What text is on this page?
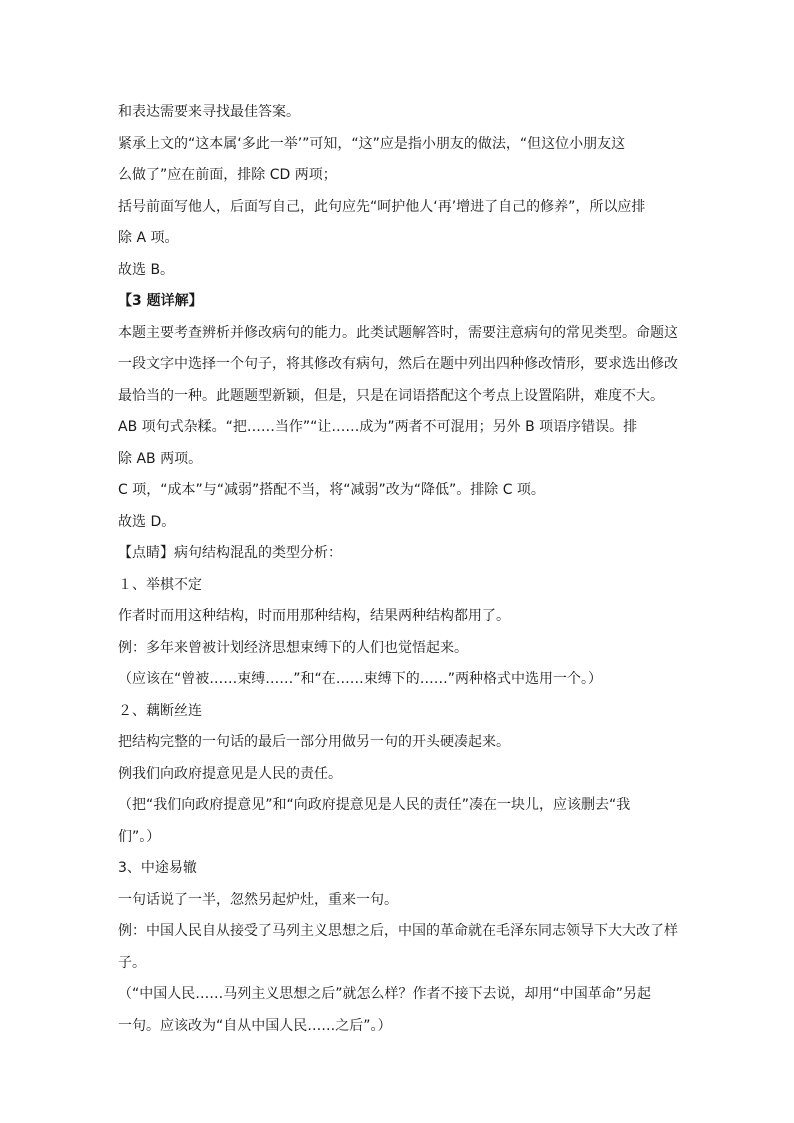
和表达需要来寻找最佳答案。
紧承上文的“这本属‘多此一举’”可知，“这”应是指小朋友的做法，“但这位小朋友这
么做了”应在前面，排除 CD 两项；
括号前面写他人，后面写自己，此句应先“呵护他人‘再’增进了自己的修养”，所以应排
除 A 项。
故选 B。
【3 题详解】
本题主要考查辨析并修改病句的能力。此类试题解答时，需要注意病句的常见类型。命题这
一段文字中选择一个句子，将其修改有病句，然后在题中列出四种修改情形，要求选出修改
最恰当的一种。此题题型新颖，但是，只是在词语搭配这个考点上设置陷阱，难度不大。
AB 项句式杂糅。“把……当作”“让……成为”两者不可混用；另外 B 项语序错误。排
除 AB 两项。
C 项，“成本”与“减弱”搭配不当，将“减弱”改为“降低”。排除 C 项。
故选 D。
【点睛】病句结构混乱的类型分析：
１、举棋不定
作者时而用这种结构，时而用那种结构，结果两种结构都用了。
例：多年来曾被计划经济思想束缚下的人们也觉悟起来。
（应该在“曾被……束缚……”和“在……束缚下的……”两种格式中选用一个。）
２、藕断丝连
把结构完整的一句话的最后一部分用做另一句的开头硬凑起来。
例我们向政府提意见是人民的责任。
（把“我们向政府提意见”和“向政府提意见是人民的责任”凑在一块儿，应该删去“我
们”。）
3、中途易辙
一句话说了一半，忽然另起炉灶，重来一句。
例：中国人民自从接受了马列主义思想之后，中国的革命就在毛泽东同志领导下大大改了样
子。
（“中国人民……马列主义思想之后”就怎么样？作者不接下去说，却用“中国革命”另起
一句。应该改为“自从中国人民……之后”。）
